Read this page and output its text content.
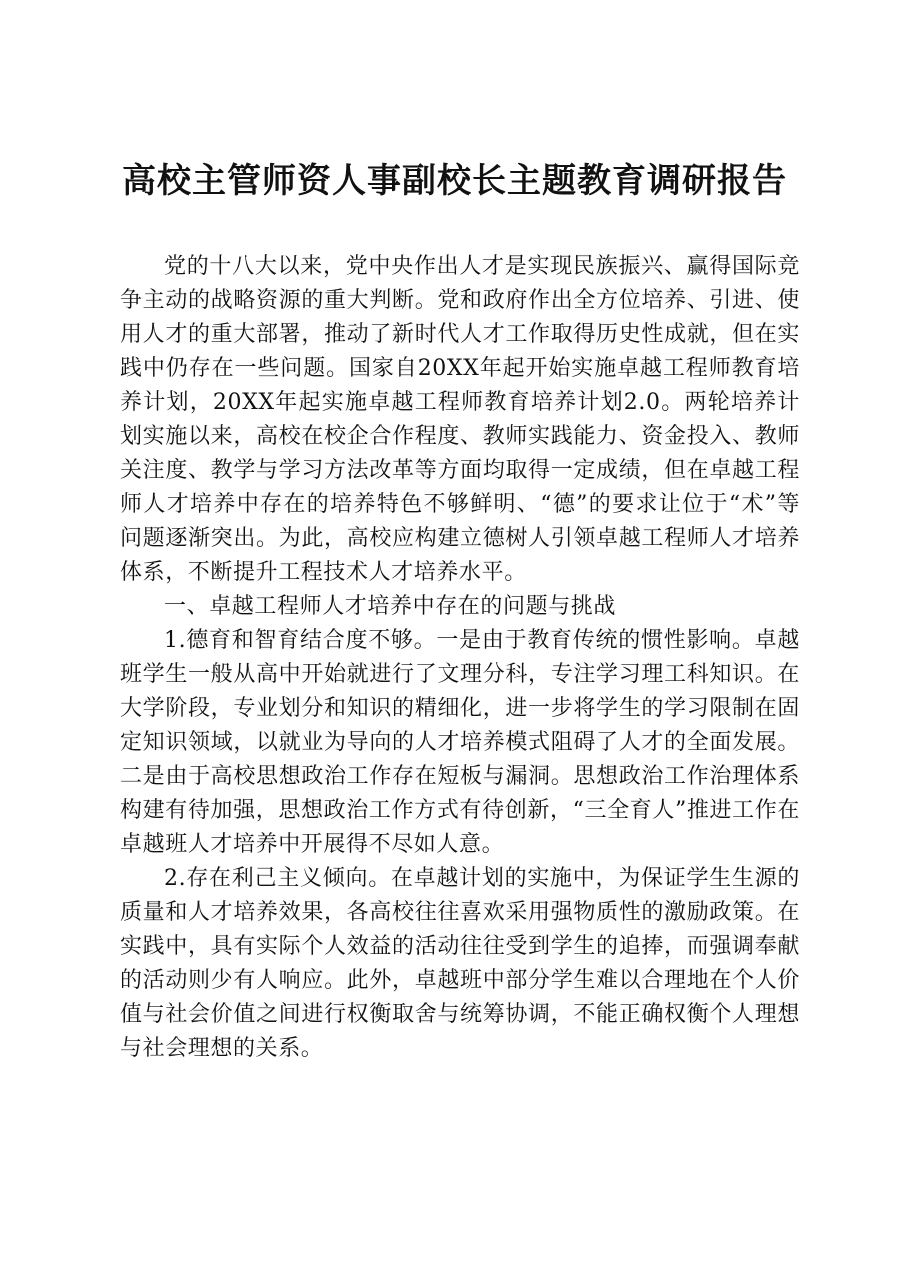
高校主管师资人事副校长主题教育调研报告

党的十八大以来，党中央作出人才是实现民族振兴、赢得国际竞争主动的战略资源的重大判断。党和政府作出全方位培养、引进、使用人才的重大部署，推动了新时代人才工作取得历史性成就，但在实践中仍存在一些问题。国家自20XX年起开始实施卓越工程师教育培养计划，20XX年起实施卓越工程师教育培养计划2.0。两轮培养计划实施以来，高校在校企合作程度、教师实践能力、资金投入、教师关注度、教学与学习方法改革等方面均取得一定成绩，但在卓越工程师人才培养中存在的培养特色不够鲜明、“德”的要求让位于“术”等问题逐渐突出。为此，高校应构建立德树人引领卓越工程师人才培养体系，不断提升工程技术人才培养水平。

一、卓越工程师人才培养中存在的问题与挑战

1.德育和智育结合度不够。一是由于教育传统的惯性影响。卓越班学生一般从高中开始就进行了文理分科，专注学习理工科知识。在大学阶段，专业划分和知识的精细化，进一步将学生的学习限制在固定知识领域，以就业为导向的人才培养模式阻碍了人才的全面发展。二是由于高校思想政治工作存在短板与漏洞。思想政治工作治理体系构建有待加强，思想政治工作方式有待创新，“三全育人”推进工作在卓越班人才培养中开展得不尽如人意。

2.存在利己主义倾向。在卓越计划的实施中，为保证学生生源的质量和人才培养效果，各高校往往喜欢采用强物质性的激励政策。在实践中，具有实际个人效益的活动往往受到学生的追捧，而强调奉献的活动则少有人响应。此外，卓越班中部分学生难以合理地在个人价值与社会价值之间进行权衡取舍与统筹协调，不能正确权衡个人理想与社会理想的关系。
